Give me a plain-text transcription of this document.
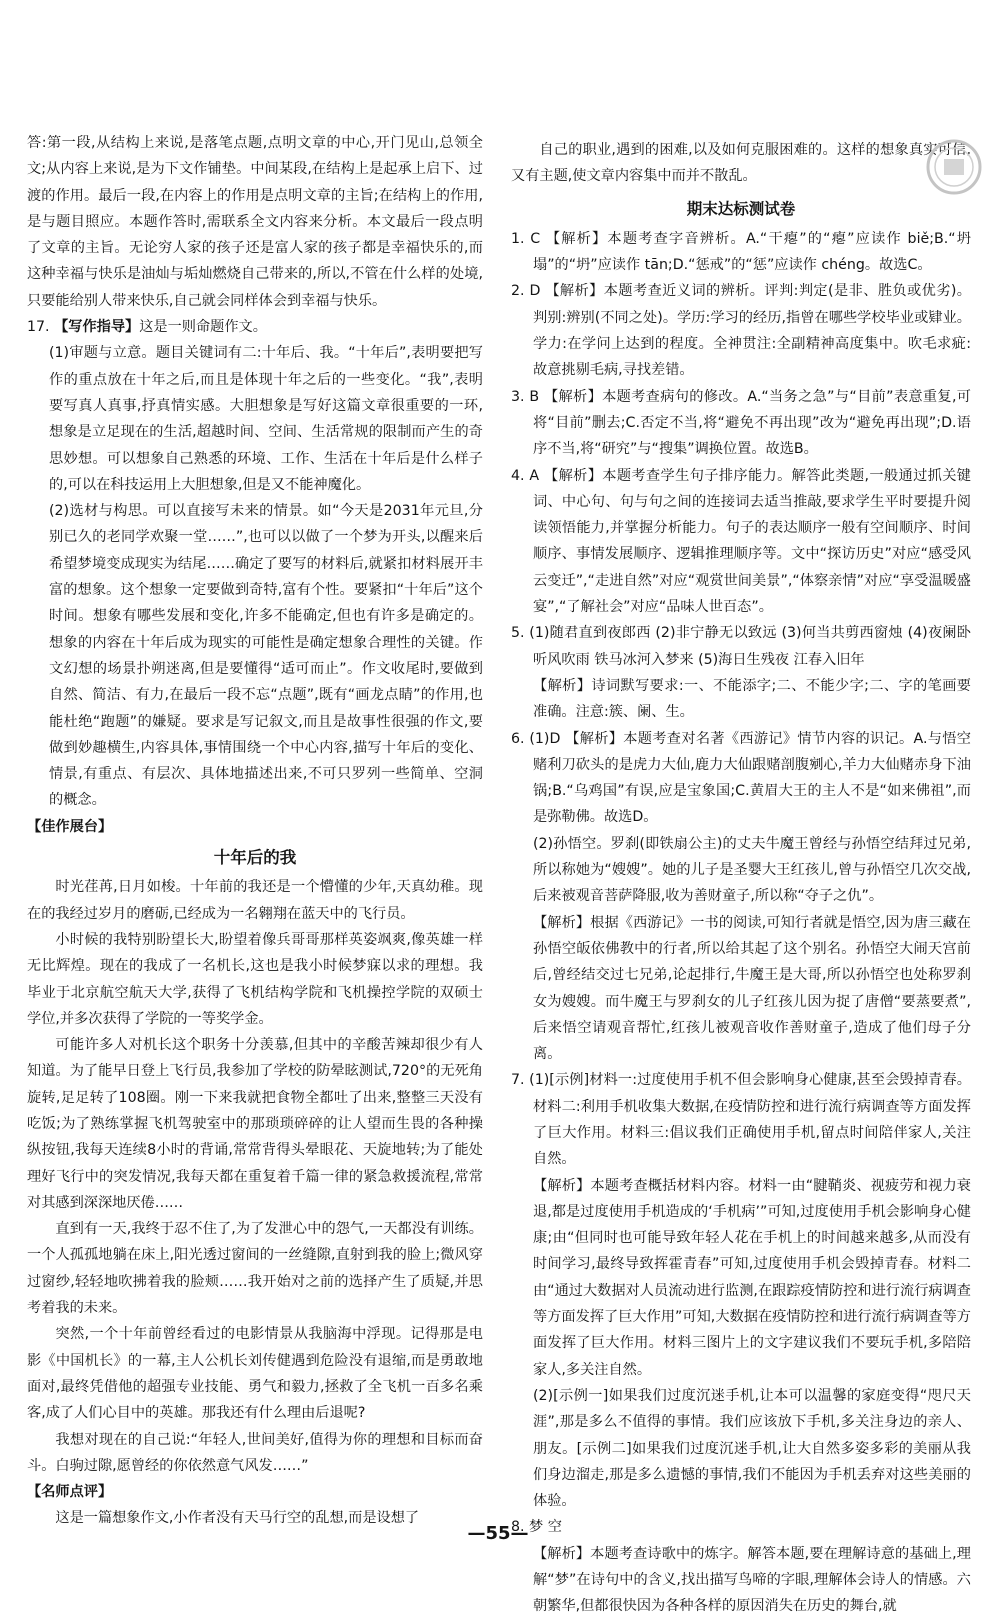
答:第一段,从结构上来说,是落笔点题,点明文章的中心,开门见山,总领全文;从内容上来说,是为下文作铺垫。中间某段,在结构上是起承上启下、过渡的作用。最后一段,在内容上的作用是点明文章的主旨;在结构上的作用,是与题目照应。本题作答时,需联系全文内容来分析。本文最后一段点明了文章的主旨。无论穷人家的孩子还是富人家的孩子都是幸福快乐的,而这种幸福与快乐是油灿与垢灿燃烧自己带来的,所以,不管在什么样的处境,只要能给别人带来快乐,自己就会同样体会到幸福与快乐。

17. 【写作指导】这是一则命题作文。

(1)审题与立意。题目关键词有二:十年后、我。“十年后”,表明要把写作的重点放在十年之后,而且是体现十年之后的一些变化。“我”,表明要写真人真事,抒真情实感。大胆想象是写好这篇文章很重要的一环,想象是立足现在的生活,超越时间、空间、生活常规的限制而产生的奇思妙想。可以想象自己熟悉的环境、工作、生活在十年后是什么样子的,可以在科技运用上大胆想象,但是又不能神魔化。

(2)选材与构思。可以直接写未来的情景。如“今天是2031年元旦,分别已久的老同学欢聚一堂……”,也可以以做了一个梦为开头,以醒来后希望梦境变成现实为结尾……确定了要写的材料后,就紧扣材料展开丰富的想象。这个想象一定要做到奇特,富有个性。要紧扣“十年后”这个时间。想象有哪些发展和变化,许多不能确定,但也有许多是确定的。想象的内容在十年后成为现实的可能性是确定想象合理性的关键。作文幻想的场景扑朔迷离,但是要懂得“适可而止”。作文收尾时,要做到自然、简洁、有力,在最后一段不忘“点题”,既有“画龙点睛”的作用,也能杜绝“跑题”的嫌疑。要求是写记叙文,而且是故事性很强的作文,要做到妙趣横生,内容具体,事情围绕一个中心内容,描写十年后的变化、情景,有重点、有层次、具体地描述出来,不可只罗列一些简单、空洞的概念。

【佳作展台】

十年后的我

时光荏苒,日月如梭。十年前的我还是一个懵懂的少年,天真幼稚。现在的我经过岁月的磨砺,已经成为一名翱翔在蓝天中的飞行员。

小时候的我特别盼望长大,盼望着像兵哥哥那样英姿飒爽,像英雄一样无比辉煌。现在的我成了一名机长,这也是我小时候梦寐以求的理想。我毕业于北京航空航天大学,获得了飞机结构学院和飞机操控学院的双硕士学位,并多次获得了学院的一等奖学金。

可能许多人对机长这个职务十分羡慕,但其中的辛酸苦辣却很少有人知道。为了能早日登上飞行员,我参加了学校的防晕眩测试,720°的无死角旋转,足足转了108圈。刚一下来我就把食物全都吐了出来,整整三天没有吃饭;为了熟练掌握飞机驾驶室中的那琐琐碎碎的让人望而生畏的各种操纵按钮,我每天连续8小时的背诵,常常背得头晕眼花、天旋地转;为了能处理好飞行中的突发情况,我每天都在重复着千篇一律的紧急救援流程,常常对其感到深深地厌倦……

直到有一天,我终于忍不住了,为了发泄心中的怨气,一天都没有训练。一个人孤孤地躺在床上,阳光透过窗间的一丝缝隙,直射到我的脸上;微风穿过窗纱,轻轻地吹拂着我的脸颊……我开始对之前的选择产生了质疑,并思考着我的未来。

突然,一个十年前曾经看过的电影情景从我脑海中浮现。记得那是电影《中国机长》的一幕,主人公机长刘传健遇到危险没有退缩,而是勇敢地面对,最终凭借他的超强专业技能、勇气和毅力,拯救了全飞机一百多名乘客,成了人们心目中的英雄。那我还有什么理由后退呢?

我想对现在的自己说:“年轻人,世间美好,值得为你的理想和目标而奋斗。白驹过隙,愿曾经的你依然意气风发……”

【名师点评】

这是一篇想象作文,小作者没有天马行空的乱想,而是设想了

自己的职业,遇到的困难,以及如何克服困难的。这样的想象真实可信,又有主题,使文章内容集中而并不散乱。

期末达标测试卷

1. C 【解析】本题考查字音辨析。A.“干瘪”的“瘪”应读作 biě;B.“坍塌”的“坍”应读作 tān;D.“惩戒”的“惩”应读作 chéng。故选C。

2. D 【解析】本题考查近义词的辨析。评判:判定(是非、胜负或优劣)。判别:辨别(不同之处)。学历:学习的经历,指曾在哪些学校毕业或肄业。学力:在学问上达到的程度。全神贯注:全副精神高度集中。吹毛求疵:故意挑剔毛病,寻找差错。

3. B 【解析】本题考查病句的修改。A.“当务之急”与“目前”表意重复,可将“目前”删去;C.否定不当,将“避免不再出现”改为“避免再出现”;D.语序不当,将“研究”与“搜集”调换位置。故选B。

4. A 【解析】本题考查学生句子排序能力。解答此类题,一般通过抓关键词、中心句、句与句之间的连接词去适当推敲,要求学生平时要提升阅读领悟能力,并掌握分析能力。句子的表达顺序一般有空间顺序、时间顺序、事情发展顺序、逻辑推理顺序等。文中“探访历史”对应“感受风云变迁”,“走进自然”对应“观赏世间美景”,“体察亲情”对应“享受温暖盛宴”,“了解社会”对应“品味人世百态”。

5. (1)随君直到夜郎西 (2)非宁静无以致远 (3)何当共剪西窗烛 (4)夜阑卧听风吹雨 铁马冰河入梦来 (5)海日生残夜 江春入旧年

【解析】诗词默写要求:一、不能添字;二、不能少字;二、字的笔画要准确。注意:簇、阑、生。

6. (1)D 【解析】本题考查对名著《西游记》情节内容的识记。A.与悟空赌利刀砍头的是虎力大仙,鹿力大仙跟赌剖腹剜心,羊力大仙赌赤身下油锅;B.“乌鸡国”有误,应是宝象国;C.黄眉大王的主人不是“如来佛祖”,而是弥勒佛。故选D。

(2)孙悟空。罗刹(即铁扇公主)的丈夫牛魔王曾经与孙悟空结拜过兄弟,所以称她为“嫂嫂”。她的儿子是圣婴大王红孩儿,曾与孙悟空几次交战,后来被观音菩萨降服,收为善财童子,所以称“夺子之仇”。

【解析】根据《西游记》一书的阅读,可知行者就是悟空,因为唐三藏在孙悟空皈依佛教中的行者,所以给其起了这个别名。孙悟空大闹天宫前后,曾经结交过七兄弟,论起排行,牛魔王是大哥,所以孙悟空也处称罗刹女为嫂嫂。而牛魔王与罗刹女的儿子红孩儿因为捉了唐僧“要蒸要煮”,后来悟空请观音帮忙,红孩儿被观音收作善财童子,造成了他们母子分离。

7. (1)[示例]材料一:过度使用手机不但会影响身心健康,甚至会毁掉青春。材料二:利用手机收集大数据,在疫情防控和进行流行病调查等方面发挥了巨大作用。材料三:倡议我们正确使用手机,留点时间陪伴家人,关注自然。

【解析】本题考查概括材料内容。材料一由“腱鞘炎、视疲劳和视力衰退,都是过度使用手机造成的‘手机病’”可知,过度使用手机会影响身心健康;由“但同时也可能导致年轻人花在手机上的时间越来越多,从而没有时间学习,最终导致挥霍青春”可知,过度使用手机会毁掉青春。材料二由“通过大数据对人员流动进行监测,在跟踪疫情防控和进行流行病调查等方面发挥了巨大作用”可知,大数据在疫情防控和进行流行病调查等方面发挥了巨大作用。材料三图片上的文字建议我们不要玩手机,多陪陪家人,多关注自然。

(2)[示例一]如果我们过度沉迷手机,让本可以温馨的家庭变得“咫尺天涯”,那是多么不值得的事情。我们应该放下手机,多关注身边的亲人、朋友。[示例二]如果我们过度沉迷手机,让大自然多姿多彩的美丽从我们身边溜走,那是多么遗憾的事情,我们不能因为手机丢弃对这些美丽的体验。

8. 梦 空

【解析】本题考查诗歌中的炼字。解答本题,要在理解诗意的基础上,理解“梦”在诗句中的含义,找出描写鸟啼的字眼,理解体会诗人的情感。六朝繁华,但都很快因为各种各样的原因消失在历史的舞台,就

—55—
